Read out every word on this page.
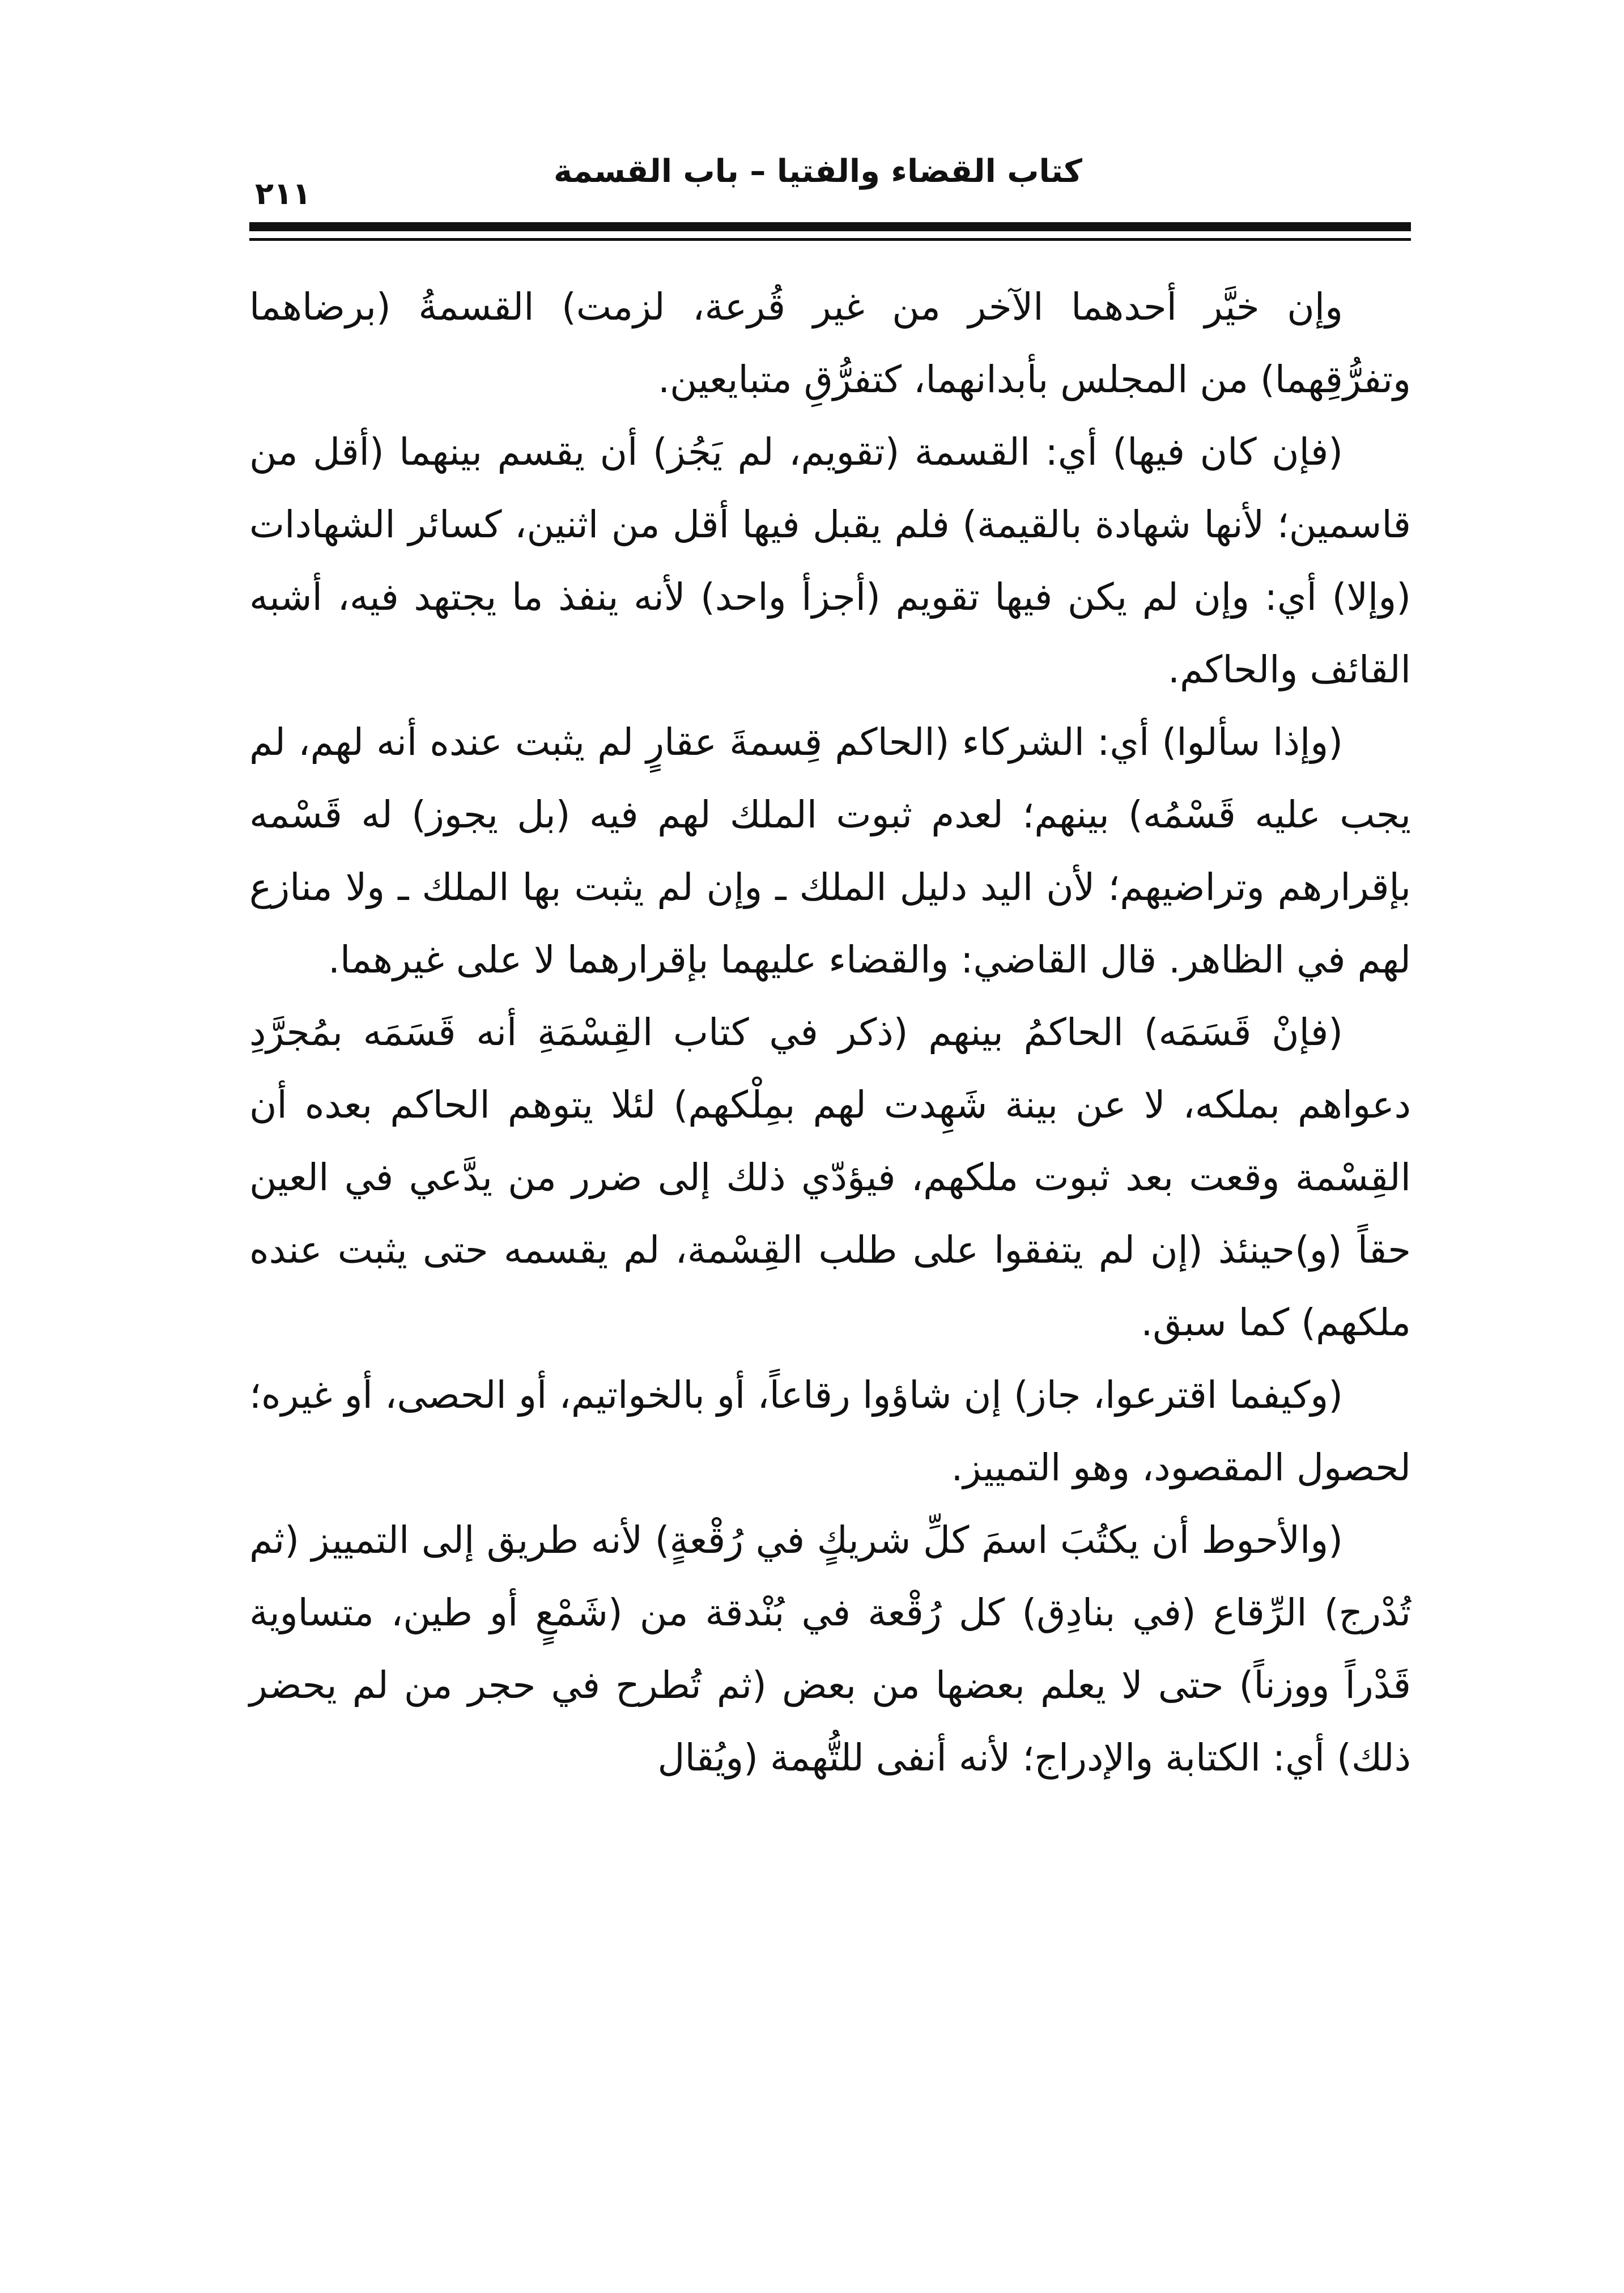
كتاب القضاء والفتيا – باب القسمة
٢١١

وإن خيَّر أحدهما الآخر من غير قُرعة، لزمت) القسمةُ (برضاهما وتفرُّقِهما) من المجلس بأبدانهما، كتفرُّقِ متبايعين.

(فإن كان فيها) أي: القسمة (تقويم، لم يَجُز) أن يقسم بينهما (أقل من قاسمين؛ لأنها شهادة بالقيمة) فلم يقبل فيها أقل من اثنين، كسائر الشهادات (وإلا) أي: وإن لم يكن فيها تقويم (أجزأ واحد) لأنه ينفذ ما يجتهد فيه، أشبه القائف والحاكم.

(وإذا سألوا) أي: الشركاء (الحاكم قِسمةَ عقارٍ لم يثبت عنده أنه لهم، لم يجب عليه قَسْمُه) بينهم؛ لعدم ثبوت الملك لهم فيه (بل يجوز) له قَسْمه بإقرارهم وتراضيهم؛ لأن اليد دليل الملك ـ وإن لم يثبت بها الملك ـ ولا منازع لهم في الظاهر. قال القاضي: والقضاء عليهما بإقرارهما لا على غيرهما.

(فإنْ قَسَمَه) الحاكمُ بينهم (ذكر في كتاب القِسْمَةِ أنه قَسَمَه بمُجرَّدِ دعواهم بملكه، لا عن بينة شَهِدت لهم بمِلْكهم) لئلا يتوهم الحاكم بعده أن القِسْمة وقعت بعد ثبوت ملكهم، فيؤدّي ذلك إلى ضرر من يدَّعي في العين حقاً (و)حينئذ (إن لم يتفقوا على طلب القِسْمة، لم يقسمه حتى يثبت عنده ملكهم) كما سبق.

(وكيفما اقترعوا، جاز) إن شاؤوا رقاعاً، أو بالخواتيم، أو الحصى، أو غيره؛ لحصول المقصود، وهو التمييز.

(والأحوط أن يكتُبَ اسمَ كلِّ شريكٍ في رُقْعةٍ) لأنه طريق إلى التمييز (ثم تُدْرج) الرِّقاع (في بنادِق) كل رُقْعة في بُنْدقة من (شَمْعٍ أو طين، متساوية قَدْراً ووزناً) حتى لا يعلم بعضها من بعض (ثم تُطرح في حجر من لم يحضر ذلك) أي: الكتابة والإدراج؛ لأنه أنفى للتُّهمة (ويُقال
